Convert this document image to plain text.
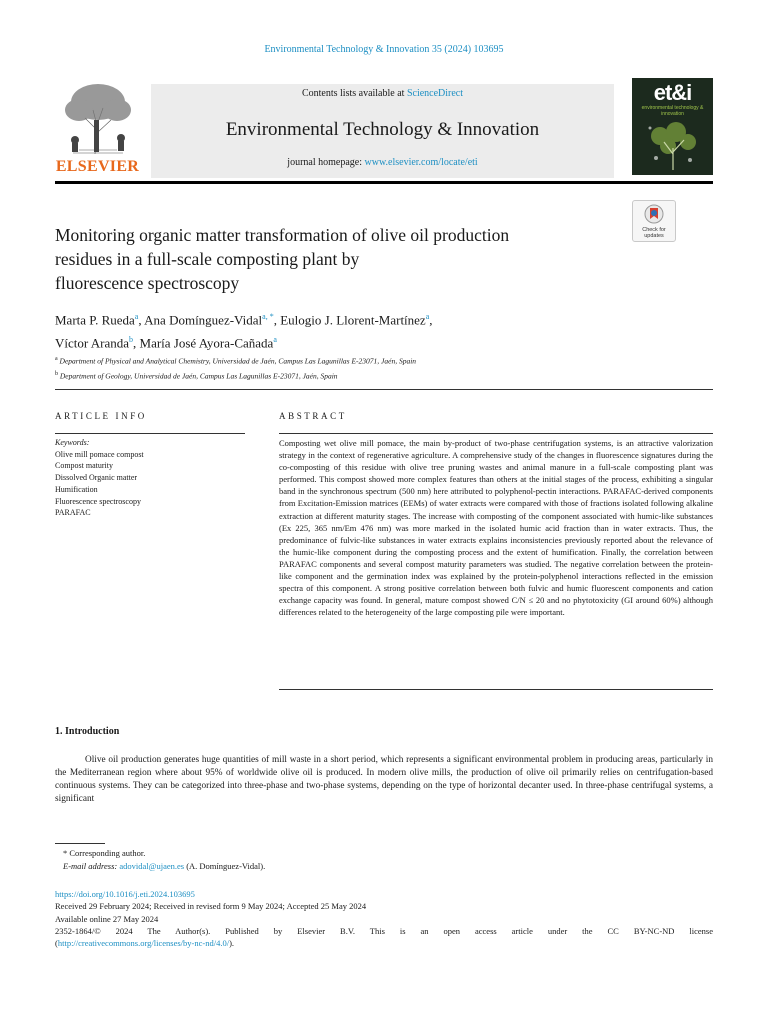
Environmental Technology & Innovation 35 (2024) 103695
ELSEVIER
Contents lists available at ScienceDirect
Environmental Technology & Innovation
journal homepage: www.elsevier.com/locate/eti
et&i
environmental technology & innovation
Monitoring organic matter transformation of olive oil production
residues in a full-scale composting plant by
fluorescence spectroscopy
Check for updates
Marta P. Rueda$^a$, Ana Domínguez-Vidal$^{a, *}$, Eulogio J. Llorent-Martínez$^a$,
Víctor Aranda$^b$, María José Ayora-Cañada$^a$
$^a$ Department of Physical and Analytical Chemistry, Universidad de Jaén, Campus Las Lagunillas E-23071, Jaén, Spain
$^b$ Department of Geology, Universidad de Jaén, Campus Las Lagunillas E-23071, Jaén, Spain
ARTICLE INFO
Keywords:
Olive mill pomace compost
Compost maturity
Dissolved Organic matter
Humification
Fluorescence spectroscopy
PARAFAC
ABSTRACT
Composting wet olive mill pomace, the main by-product of two-phase centrifugation systems, is an attractive valorization strategy in the context of regenerative agriculture. A comprehensive study of the changes in fluorescence signatures during the co-composting of this residue with olive tree pruning wastes and animal manure in a full-scale composting plant was performed. This compost showed more complex features than others at the initial stages of the process, exhibiting a singular band in the synchronous spectrum (500 nm) here attributed to polyphenol-pectin interactions. PARAFAC-derived components from Excitation-Emission matrices (EEMs) of water extracts were compared with those of fractions isolated following alkaline extraction at different maturity stages. The increase with composting of the component associated with humic-like substances (Ex 225, 365 nm/Em 476 nm) was more marked in the isolated humic acid fraction than in water extracts. Thus, the predominance of fulvic-like substances in water extracts explains inconsistencies previously reported about the relevance of the humic-like component during the composting process and the extent of humification. Finally, the correlation between PARAFAC components and several compost maturity parameters was studied. The negative correlation between the protein-like component and the germination index was explained by the protein-polyphenol interactions reflected in the emission spectra of this component. A strong positive correlation between both fulvic and humic fluorescent components and cation exchange capacity was found. In general, mature compost showed C/N ≤ 20 and no phytotoxicity (GI around 60%) although differences related to the heterogeneity of the large composting pile were important.
1. Introduction
Olive oil production generates huge quantities of mill waste in a short period, which represents a significant environmental problem in producing areas, particularly in the Mediterranean region where about 95% of worldwide olive oil is produced. In modern olive mills, the production of olive oil primarily relies on centrifugation-based continuous systems. They can be categorized into three-phase and two-phase systems, depending on the type of horizontal decanter used. In three-phase centrifugal systems, a significant
* Corresponding author.
E-mail address: adovidal@ujaen.es (A. Domínguez-Vidal).
https://doi.org/10.1016/j.eti.2024.103695
Received 29 February 2024; Received in revised form 9 May 2024; Accepted 25 May 2024
Available online 27 May 2024
2352-1864/© 2024 The Author(s). Published by Elsevier B.V. This is an open access article under the CC BY-NC-ND license
(http://creativecommons.org/licenses/by-nc-nd/4.0/).
